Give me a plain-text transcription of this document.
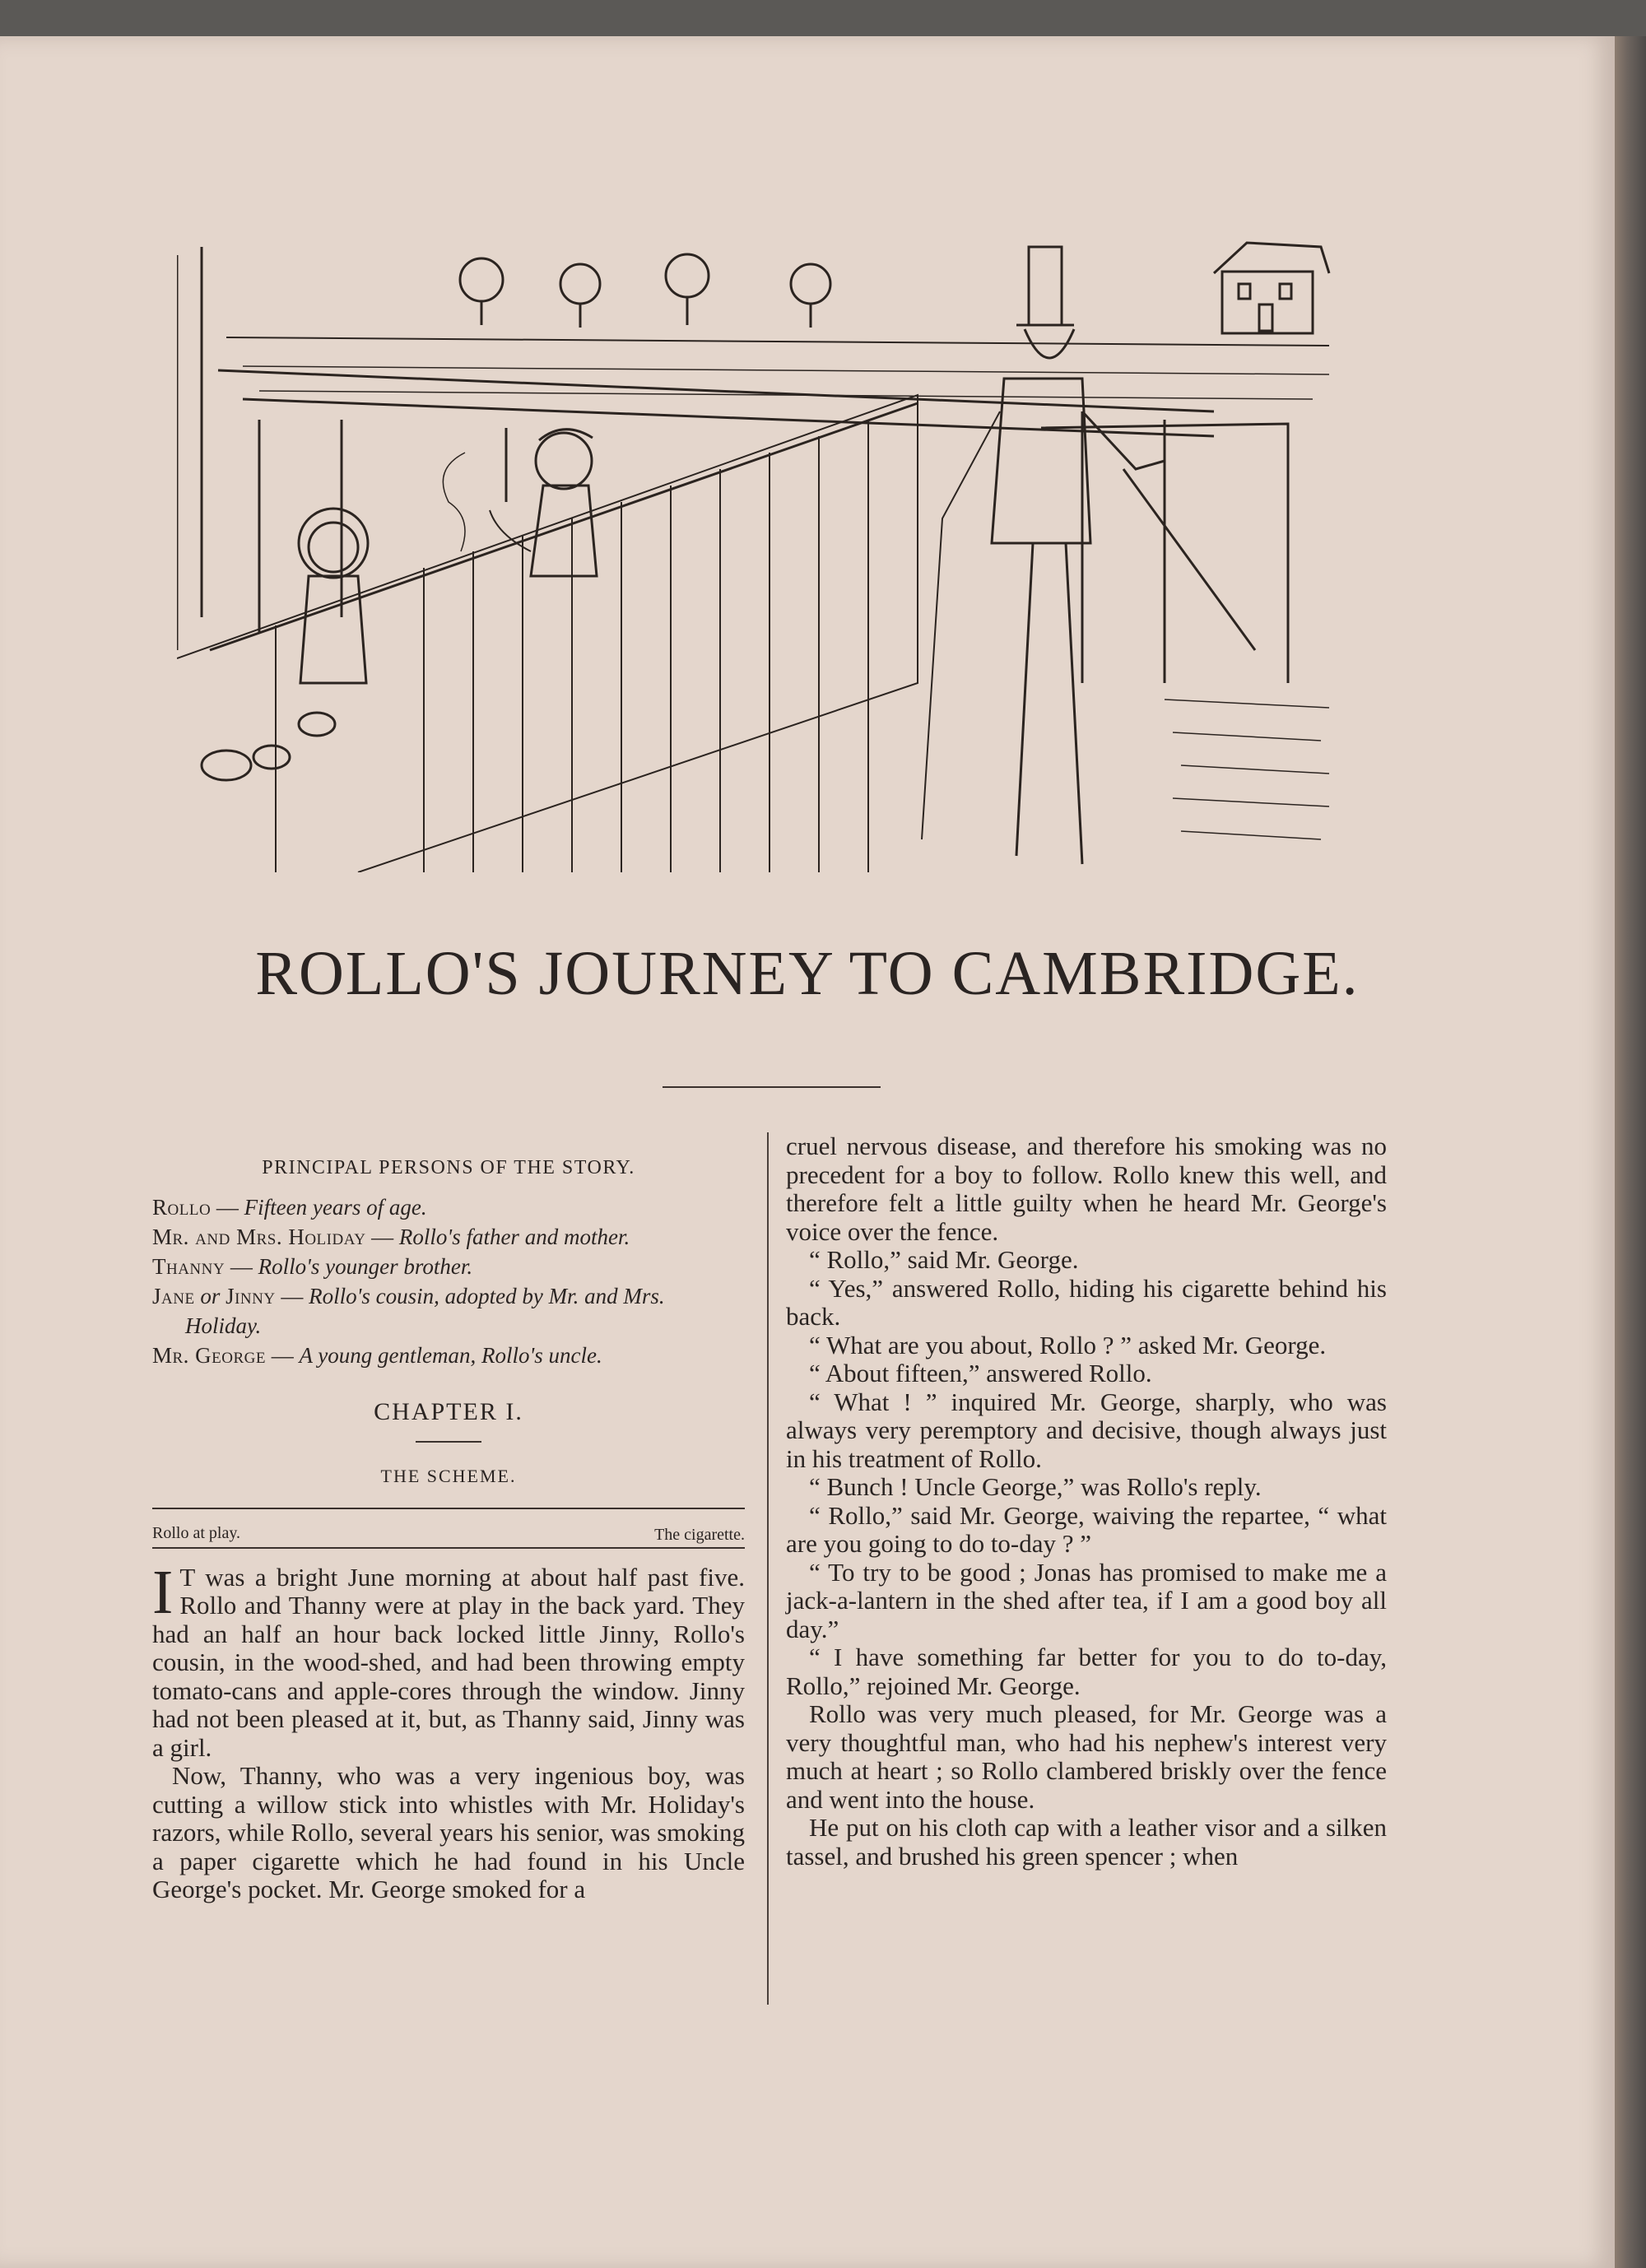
ROLLO'S JOURNEY TO CAMBRIDGE.
PRINCIPAL PERSONS OF THE STORY.

Rollo — Fifteen years of age.

Mr. and Mrs. Holiday — Rollo's father and mother.

Thanny — Rollo's younger brother.

Jane or Jinny — Rollo's cousin, adopted by Mr. and Mrs. Holiday.

Mr. George — A young gentleman, Rollo's uncle.

CHAPTER I.
THE SCHEME.
Rollo at play.	The cigarette.

I T was a bright June morning at about half past five. Rollo and Thanny were at play in the back yard. They had an half an hour back locked little Jinny, Rollo's cousin, in the wood-shed, and had been throwing empty tomato-cans and apple-cores through the window. Jinny had not been pleased at it, but, as Thanny said, Jinny was a girl.

Now, Thanny, who was a very ingenious boy, was cutting a willow stick into whistles with Mr. Holiday's razors, while Rollo, several years his senior, was smoking a paper cigarette which he had found in his Uncle George's pocket. Mr. George smoked for a

cruel nervous disease, and therefore his smoking was no precedent for a boy to follow. Rollo knew this well, and therefore felt a little guilty when he heard Mr. George's voice over the fence.

“ Rollo,” said Mr. George.

“ Yes,” answered Rollo, hiding his cigarette behind his back.

“ What are you about, Rollo ? ” asked Mr. George.

“ About fifteen,” answered Rollo.

“ What ! ” inquired Mr. George, sharply, who was always very peremptory and decisive, though always just in his treatment of Rollo.

“ Bunch ! Uncle George,” was Rollo's reply.

“ Rollo,” said Mr. George, waiving the repartee, “ what are you going to do to-day ? ”

“ To try to be good ; Jonas has promised to make me a jack-a-lantern in the shed after tea, if I am a good boy all day.”

“ I have something far better for you to do to-day, Rollo,” rejoined Mr. George.

Rollo was very much pleased, for Mr. George was a very thoughtful man, who had his nephew's interest very much at heart ; so Rollo clambered briskly over the fence and went into the house.

He put on his cloth cap with a leather visor and a silken tassel, and brushed his green spencer ; when
